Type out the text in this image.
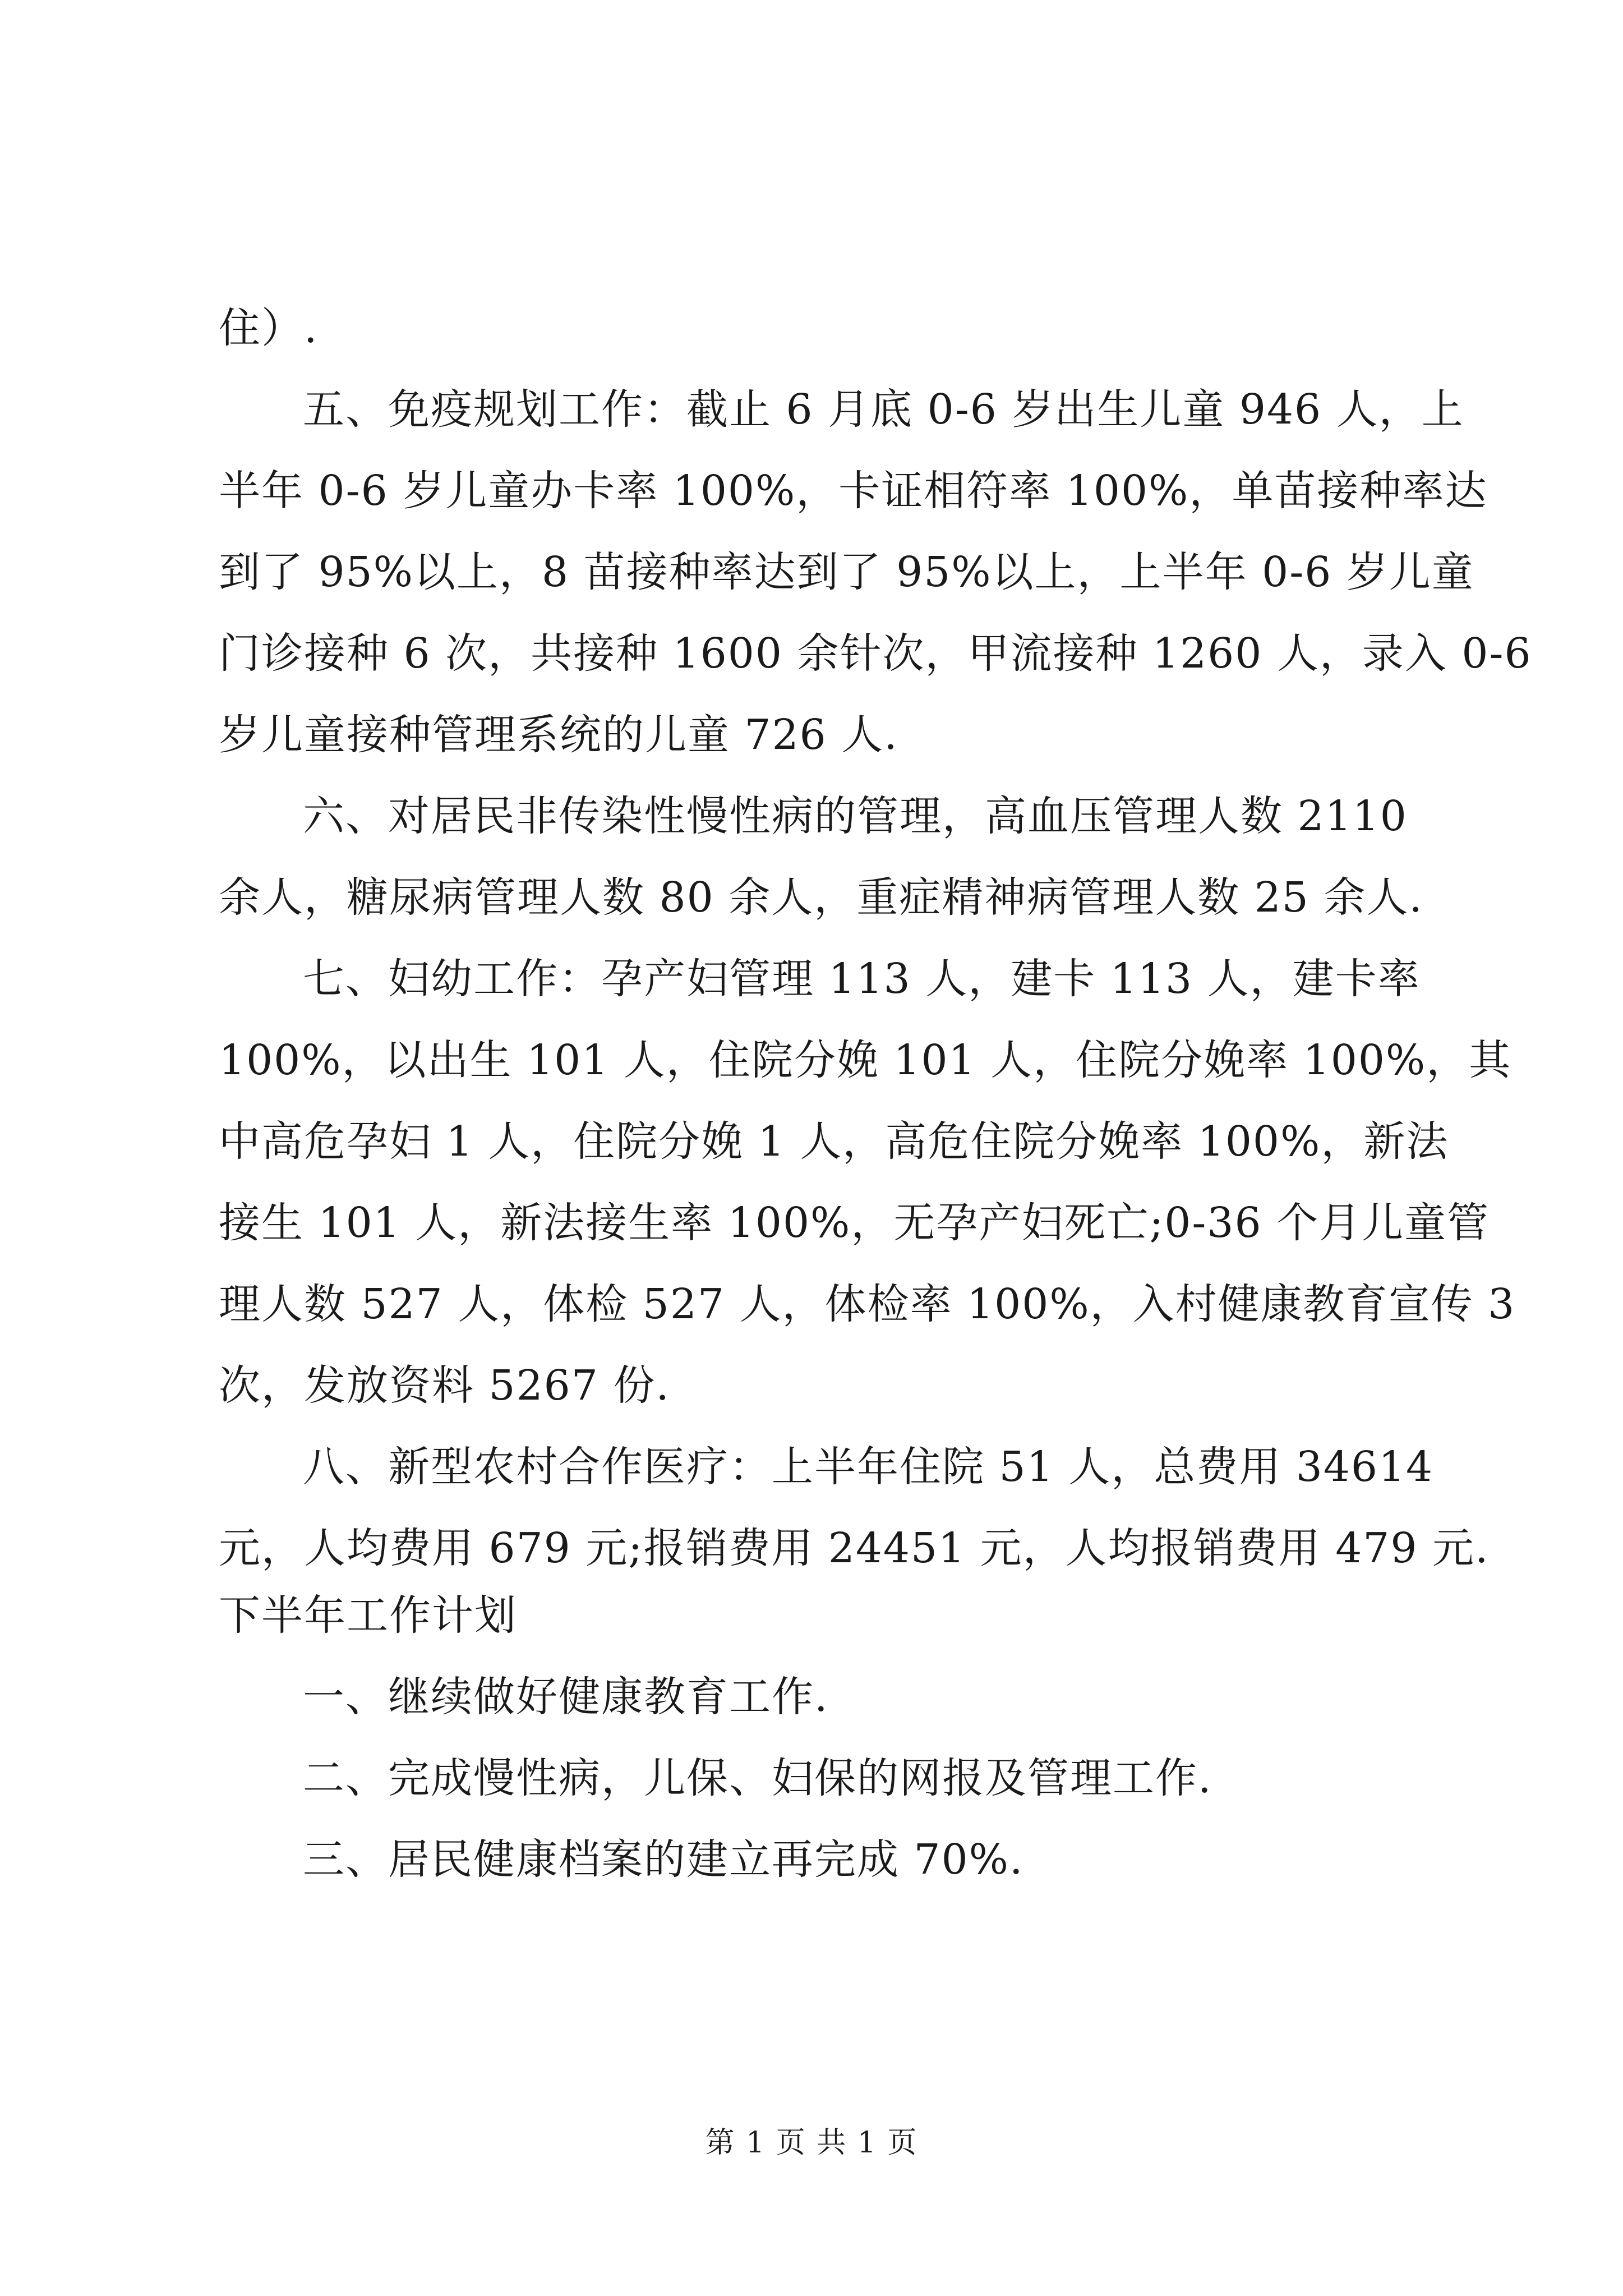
住）.
五、免疫规划工作：截止 6 月底 0-6 岁出生儿童 946 人，上
半年 0-6 岁儿童办卡率 100%，卡证相符率 100%，单苗接种率达
到了 95%以上，8 苗接种率达到了 95%以上，上半年 0-6 岁儿童
门诊接种 6 次，共接种 1600 余针次，甲流接种 1260 人，录入 0-6
岁儿童接种管理系统的儿童 726 人.
六、对居民非传染性慢性病的管理，高血压管理人数 2110
余人，糖尿病管理人数 80 余人，重症精神病管理人数 25 余人.
七、妇幼工作：孕产妇管理 113 人，建卡 113 人，建卡率
100%，以出生 101 人，住院分娩 101 人，住院分娩率 100%，其
中高危孕妇 1 人，住院分娩 1 人，高危住院分娩率 100%，新法
接生 101 人，新法接生率 100%，无孕产妇死亡;0-36 个月儿童管
理人数 527 人，体检 527 人，体检率 100%，入村健康教育宣传 3
次，发放资料 5267 份.
八、新型农村合作医疗：上半年住院 51 人，总费用 34614
元，人均费用 679 元;报销费用 24451 元，人均报销费用 479 元.
下半年工作计划
一、继续做好健康教育工作.
二、完成慢性病，儿保、妇保的网报及管理工作.
三、居民健康档案的建立再完成 70%.
第 1 页 共 1 页
